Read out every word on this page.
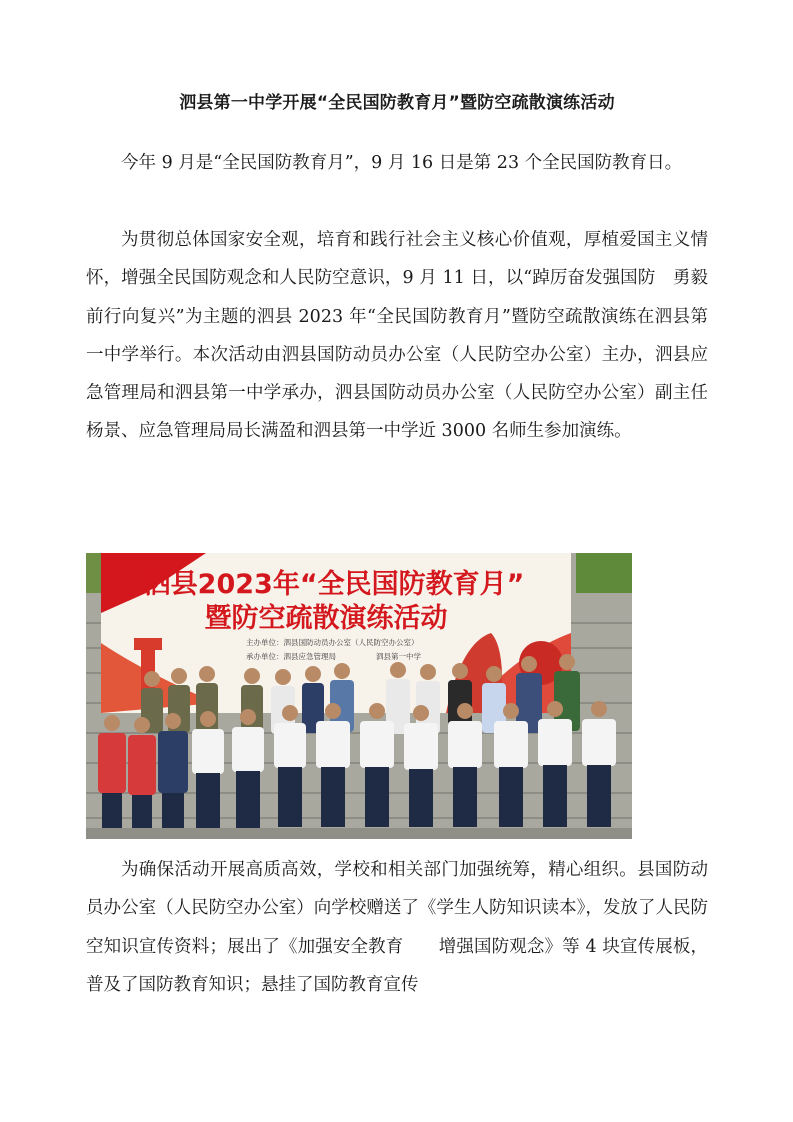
泗县第一中学开展“全民国防教育月”暨防空疏散演练活动

今年 9 月是“全民国防教育月”，9 月 16 日是第 23 个全民国防教育日。

为贯彻总体国家安全观，培育和践行社会主义核心价值观，厚植爱国主义情怀，增强全民国防观念和人民防空意识，9 月 11 日，以“踔厉奋发强国防　勇毅前行向复兴”为主题的泗县 2023 年“全民国防教育月”暨防空疏散演练在泗县第一中学举行。本次活动由泗县国防动员办公室（人民防空办公室）主办，泗县应急管理局和泗县第一中学承办，泗县国防动员办公室（人民防空办公室）副主任杨景、应急管理局局长满盈和泗县第一中学近 3000 名师生参加演练。

泗县2023年“全民国防教育月”
暨防空疏散演练活动
主办单位：泗县国防动员办公室（人民防空办公室）
承办单位：泗县应急管理局	泗县第一中学

为确保活动开展高质高效，学校和相关部门加强统筹，精心组织。县国防动员办公室（人民防空办公室）向学校赠送了《学生人防知识读本》，发放了人民防空知识宣传资料；展出了《加强安全教育　　增强国防观念》等 4 块宣传展板，普及了国防教育知识；悬挂了国防教育宣传
